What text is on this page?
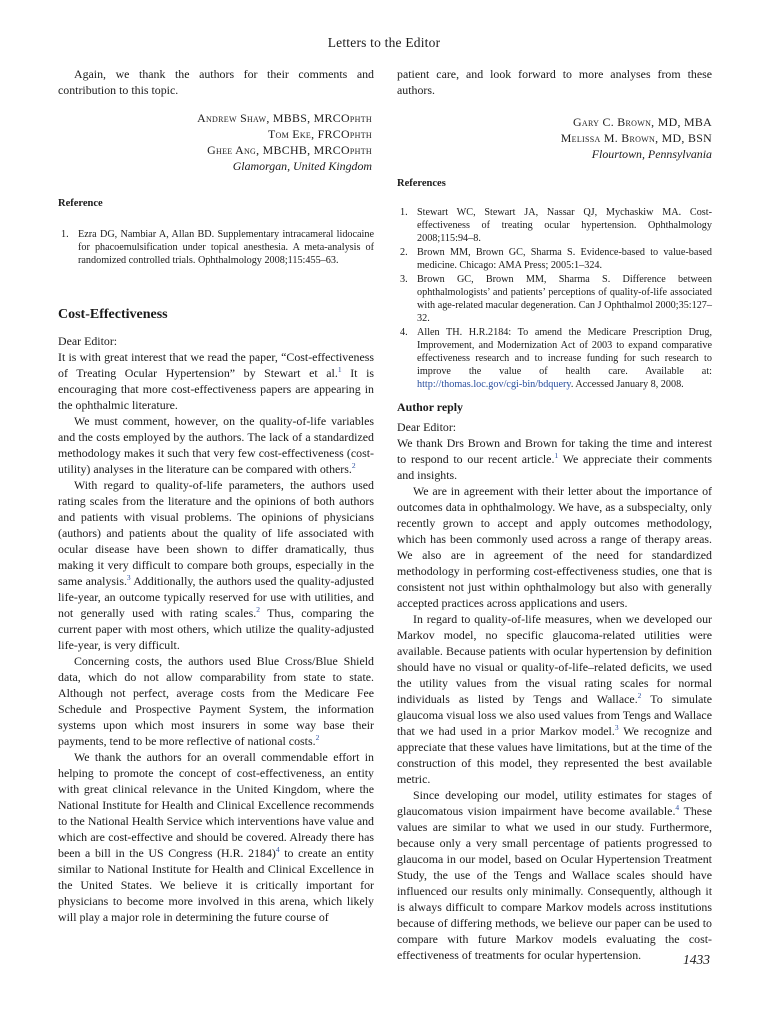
Letters to the Editor

Again, we thank the authors for their comments and contribution to this topic.

Andrew Shaw, MBBS, MRCOphth
Tom Eke, FRCOphth
Ghee Ang, MBCHB, MRCOphth
Glamorgan, United Kingdom
Reference
1. Ezra DG, Nambiar A, Allan BD. Supplementary intracameral lidocaine for phacoemulsification under topical anesthesia. A meta-analysis of randomized controlled trials. Ophthalmology 2008;115:455–63.
Cost-Effectiveness

Dear Editor:

It is with great interest that we read the paper, “Cost-effectiveness of Treating Ocular Hypertension” by Stewart et al.$^1$ It is encouraging that more cost-effectiveness papers are appearing in the ophthalmic literature.

We must comment, however, on the quality-of-life variables and the costs employed by the authors. The lack of a standardized methodology makes it such that very few cost-effectiveness (cost-utility) analyses in the literature can be compared with others.$^2$

With regard to quality-of-life parameters, the authors used rating scales from the literature and the opinions of both authors and patients with visual problems. The opinions of physicians (authors) and patients about the quality of life associated with ocular disease have been shown to differ dramatically, thus making it very difficult to compare both groups, especially in the same analysis.$^3$ Additionally, the authors used the quality-adjusted life-year, an outcome typically reserved for use with utilities, and not generally used with rating scales.$^2$ Thus, comparing the current paper with most others, which utilize the quality-adjusted life-year, is very difficult.

Concerning costs, the authors used Blue Cross/Blue Shield data, which do not allow comparability from state to state. Although not perfect, average costs from the Medicare Fee Schedule and Prospective Payment System, the information systems upon which most insurers in some way base their payments, tend to be more reflective of national costs.$^2$

We thank the authors for an overall commendable effort in helping to promote the concept of cost-effectiveness, an entity with great clinical relevance in the United Kingdom, where the National Institute for Health and Clinical Excellence recommends to the National Health Service which interventions have value and which are cost-effective and should be covered. Already there has been a bill in the US Congress (H.R. 2184)$^4$ to create an entity similar to National Institute for Health and Clinical Excellence in the United States. We believe it is critically important for physicians to become more involved in this arena, which likely will play a major role in determining the future course of

patient care, and look forward to more analyses from these authors.

Gary C. Brown, MD, MBA
Melissa M. Brown, MD, BSN
Flourtown, Pennsylvania
References
1. Stewart WC, Stewart JA, Nassar QJ, Mychaskiw MA. Cost-effectiveness of treating ocular hypertension. Ophthalmology 2008;115:94–8.
2. Brown MM, Brown GC, Sharma S. Evidence-based to value-based medicine. Chicago: AMA Press; 2005:1–324.
3. Brown GC, Brown MM, Sharma S. Difference between ophthalmologists’ and patients’ perceptions of quality-of-life associated with age-related macular degeneration. Can J Ophthalmol 2000;35:127–32.
4. Allen TH. H.R.2184: To amend the Medicare Prescription Drug, Improvement, and Modernization Act of 2003 to expand comparative effectiveness research and to increase funding for such research to improve the value of health care. Available at: http://thomas.loc.gov/cgi-bin/bdquery. Accessed January 8, 2008.
Author reply

Dear Editor:

We thank Drs Brown and Brown for taking the time and interest to respond to our recent article.$^1$ We appreciate their comments and insights.

We are in agreement with their letter about the importance of outcomes data in ophthalmology. We have, as a subspecialty, only recently grown to accept and apply outcomes methodology, which has been commonly used across a range of therapy areas. We also are in agreement of the need for standardized methodology in performing cost-effectiveness studies, one that is consistent not just within ophthalmology but also with generally accepted practices across applications and users.

In regard to quality-of-life measures, when we developed our Markov model, no specific glaucoma-related utilities were available. Because patients with ocular hypertension by definition should have no visual or quality-of-life–related deficits, we used the utility values from the visual rating scales for normal individuals as listed by Tengs and Wallace.$^2$ To simulate glaucoma visual loss we also used values from Tengs and Wallace that we had used in a prior Markov model.$^3$ We recognize and appreciate that these values have limitations, but at the time of the construction of this model, they represented the best available metric.

Since developing our model, utility estimates for stages of glaucomatous vision impairment have become available.$^4$ These values are similar to what we used in our study. Furthermore, because only a very small percentage of patients progressed to glaucoma in our model, based on Ocular Hypertension Treatment Study, the use of the Tengs and Wallace scales should have influenced our results only minimally. Consequently, although it is always difficult to compare Markov models across institutions because of differing methods, we believe our paper can be used to compare with future Markov models evaluating the cost-effectiveness of treatments for ocular hypertension.	1433
